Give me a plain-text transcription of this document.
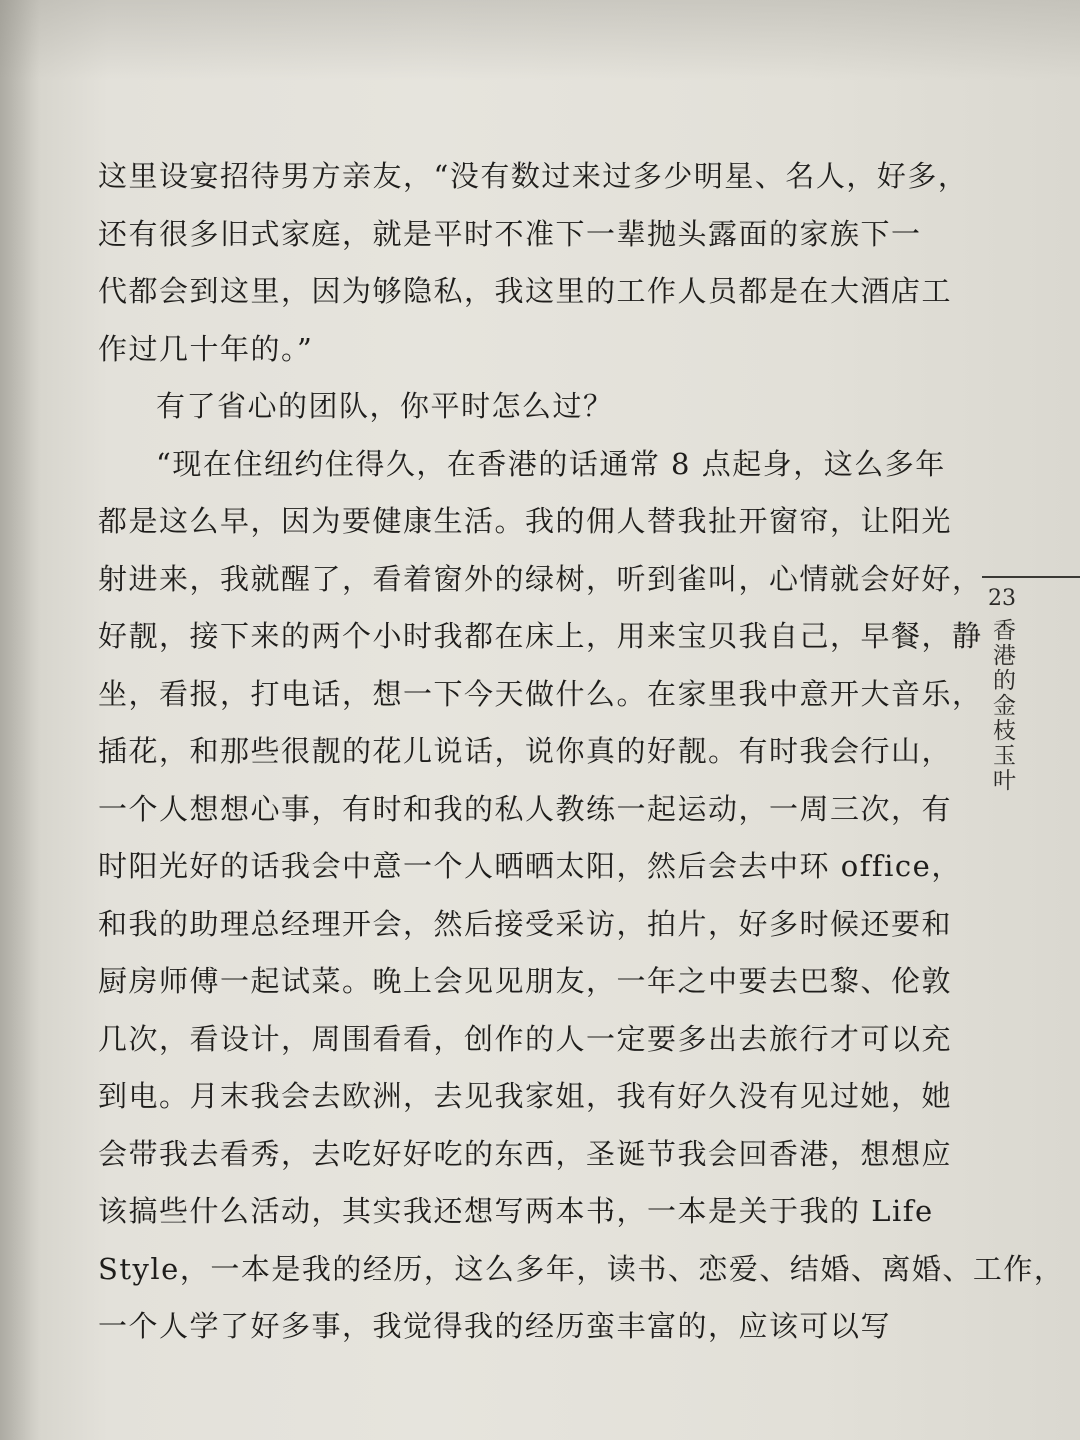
这里设宴招待男方亲友，“没有数过来过多少明星、名人，好多，
还有很多旧式家庭，就是平时不准下一辈抛头露面的家族下一
代都会到这里，因为够隐私，我这里的工作人员都是在大酒店工
作过几十年的。”
有了省心的团队，你平时怎么过？
“现在住纽约住得久，在香港的话通常 8 点起身，这么多年
都是这么早，因为要健康生活。我的佣人替我扯开窗帘，让阳光
射进来，我就醒了，看着窗外的绿树，听到雀叫，心情就会好好，
好靓，接下来的两个小时我都在床上，用来宝贝我自己，早餐，静
坐，看报，打电话，想一下今天做什么。在家里我中意开大音乐，
插花，和那些很靓的花儿说话，说你真的好靓。有时我会行山，
一个人想想心事，有时和我的私人教练一起运动，一周三次，有
时阳光好的话我会中意一个人晒晒太阳，然后会去中环 office，
和我的助理总经理开会，然后接受采访，拍片，好多时候还要和
厨房师傅一起试菜。晚上会见见朋友，一年之中要去巴黎、伦敦
几次，看设计，周围看看，创作的人一定要多出去旅行才可以充
到电。月末我会去欧洲，去见我家姐，我有好久没有见过她，她
会带我去看秀，去吃好好吃的东西，圣诞节我会回香港，想想应
该搞些什么活动，其实我还想写两本书，一本是关于我的 Life
Style，一本是我的经历，这么多年，读书、恋爱、结婚、离婚、工作，
一个人学了好多事，我觉得我的经历蛮丰富的，应该可以写
23
香港的金枝玉叶
